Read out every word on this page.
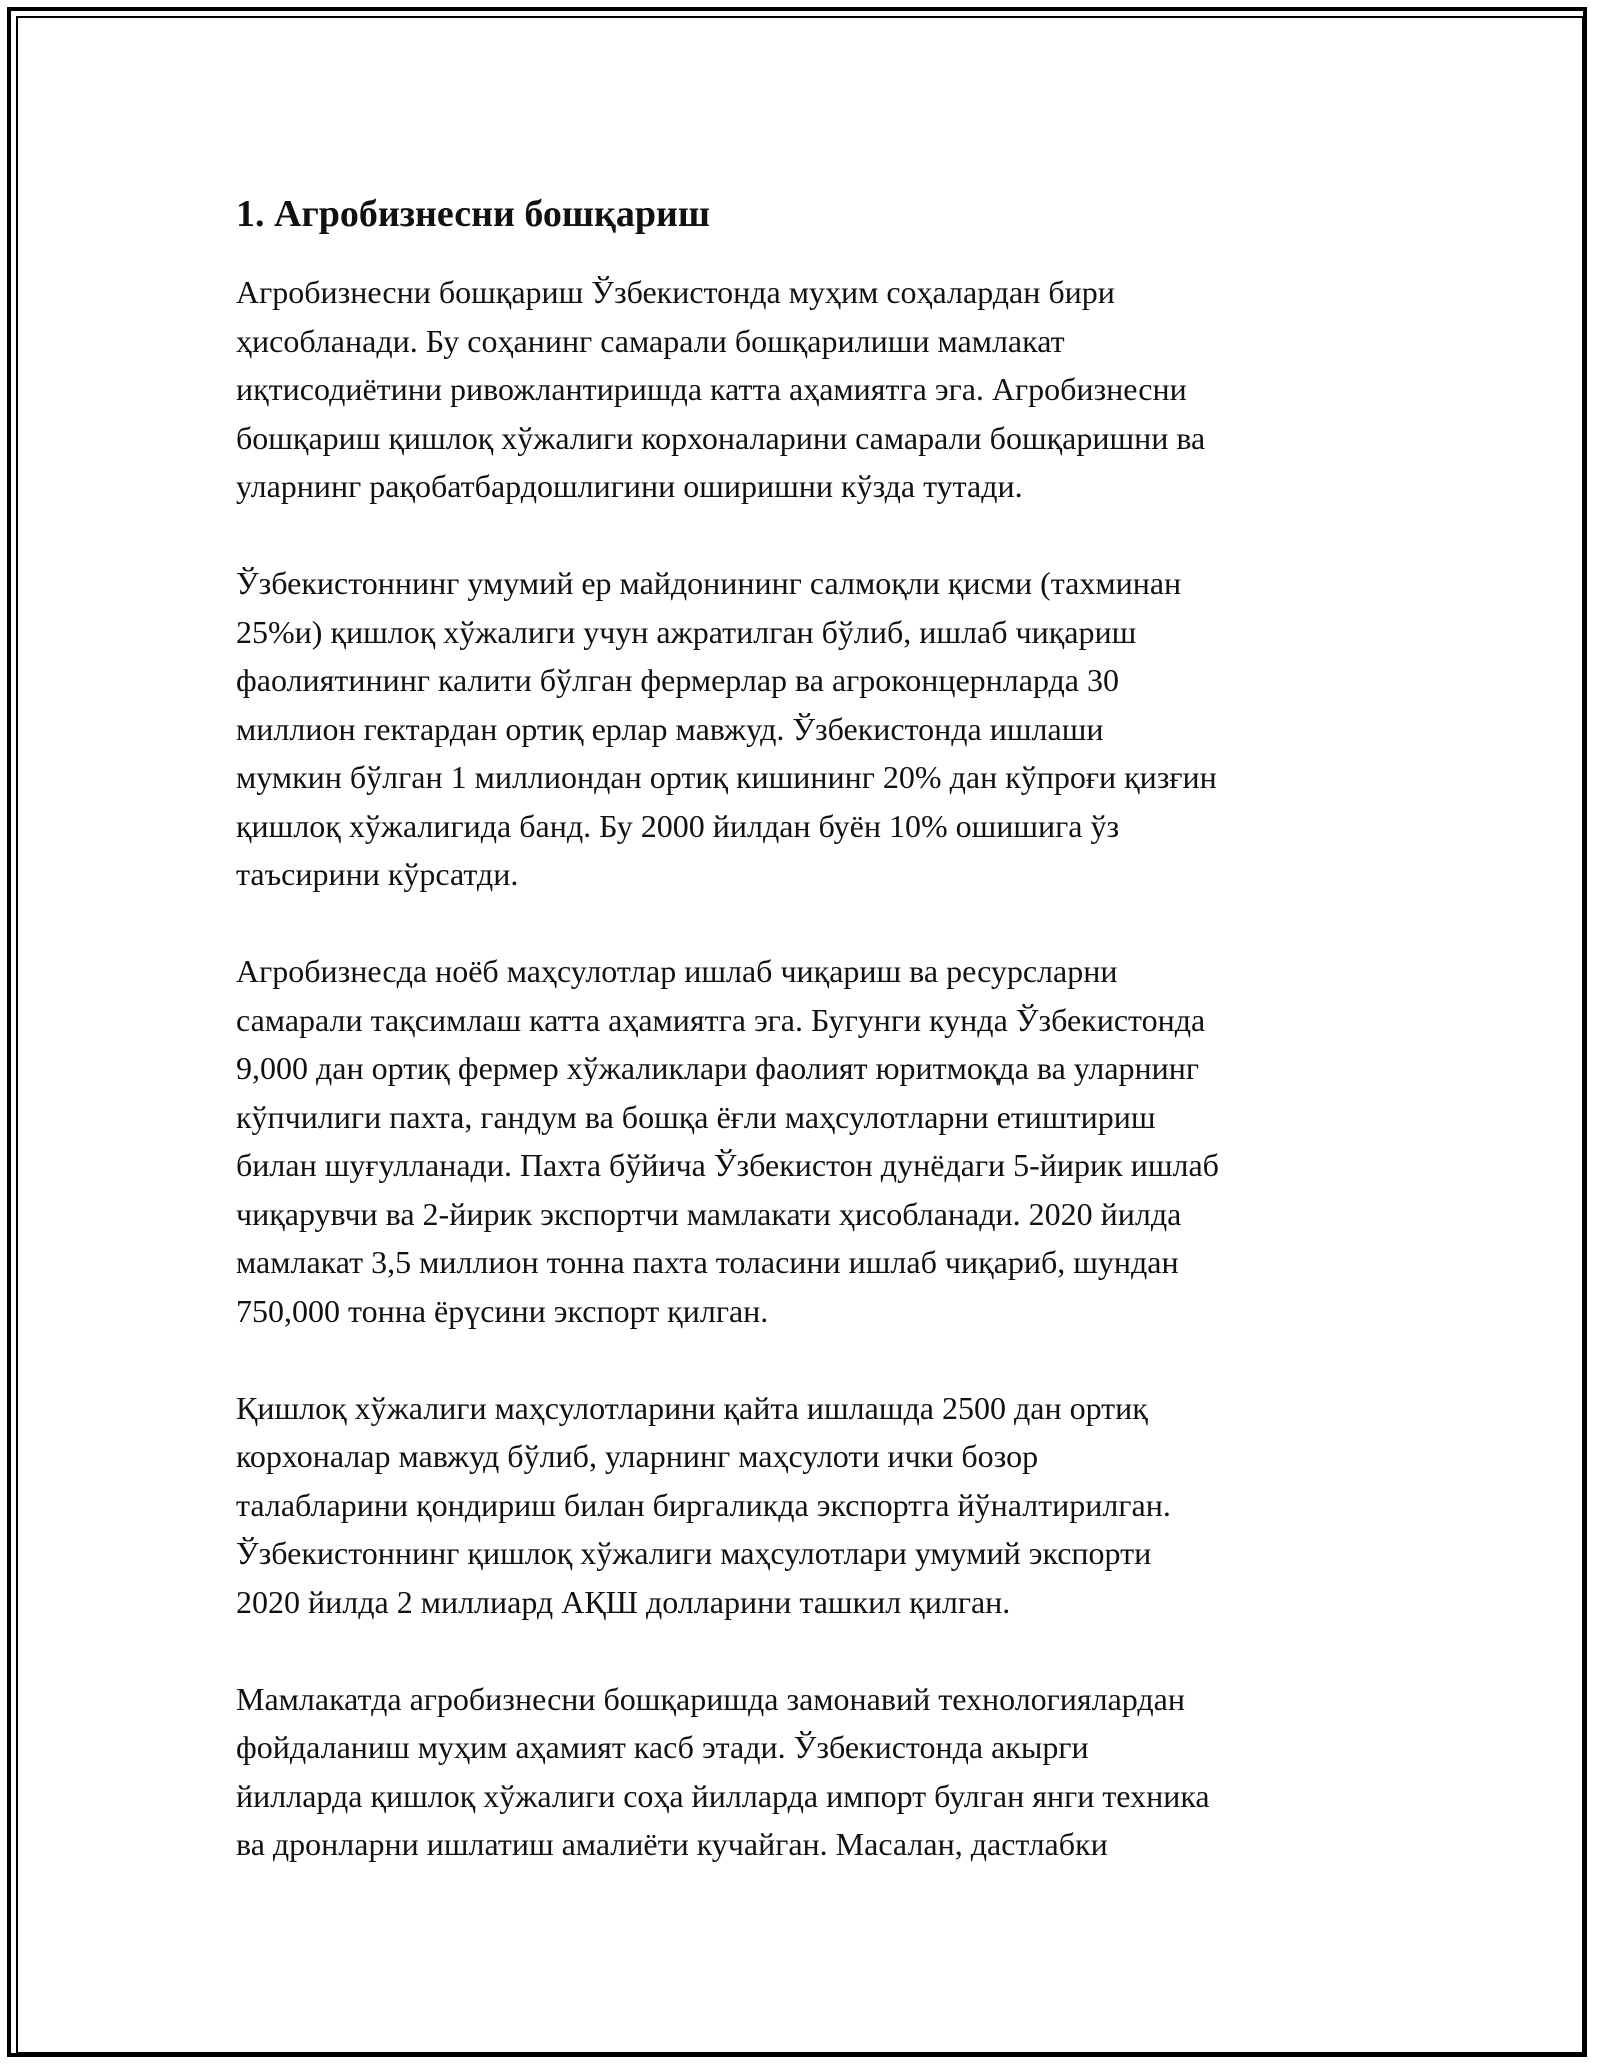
1. Агробизнесни бошқариш

Агробизнесни бошқариш Ўзбекистонда муҳим соҳалардан бири
ҳисобланади. Бу соҳанинг самарали бошқарилиши мамлакат
иқтисодиётини ривожлантиришда катта аҳамиятга эга. Агробизнесни
бошқариш қишлоқ хўжалиги корхоналарини самарали бошқаришни ва
уларнинг рақобатбардошлигини оширишни кўзда тутади.

Ўзбекистоннинг умумий ер майдонининг салмоқли қисми (тахминан
25%и) қишлоқ хўжалиги учун ажратилган бўлиб, ишлаб чиқариш
фаолиятининг калити бўлган фермерлар ва агроконцернларда 30
миллион гектардан ортиқ ерлар мавжуд. Ўзбекистонда ишлаши
мумкин бўлган 1 миллиондан ортиқ кишининг 20% дан кўпроғи қизғин
қишлоқ хўжалигида банд. Бу 2000 йилдан буён 10% ошишига ўз
таъсирини кўрсатди.

Агробизнесда ноёб маҳсулотлар ишлаб чиқариш ва ресурсларни
самарали тақсимлаш катта аҳамиятга эга. Бугунги кунда Ўзбекистонда
9,000 дан ортиқ фермер хўжаликлари фаолият юритмоқда ва уларнинг
кўпчилиги пахта, гандум ва бошқа ёғли маҳсулотларни етиштириш
билан шуғулланади. Пахта бўйича Ўзбекистон дунёдаги 5-йирик ишлаб
чиқарувчи ва 2-йирик экспортчи мамлакати ҳисобланади. 2020 йилда
мамлакат 3,5 миллион тонна пахта толасини ишлаб чиқариб, шундан
750,000 тонна ёрүсини экспорт қилган.

Қишлоқ хўжалиги маҳсулотларини қайта ишлашда 2500 дан ортиқ
корхоналар мавжуд бўлиб, уларнинг маҳсулоти ички бозор
талабларини қондириш билан биргаликда экспортга йўналтирилган.
Ўзбекистоннинг қишлоқ хўжалиги маҳсулотлари умумий экспорти
2020 йилда 2 миллиард АҚШ долларини ташкил қилган.

Мамлакатда агробизнесни бошқаришда замонавий технологиялардан
фойдаланиш муҳим аҳамият касб этади. Ўзбекистонда акырги
йилларда қишлоқ хўжалиги соҳа йилларда импорт булган янги техника
ва дронларни ишлатиш амалиёти кучайган. Масалан, дастлабки
